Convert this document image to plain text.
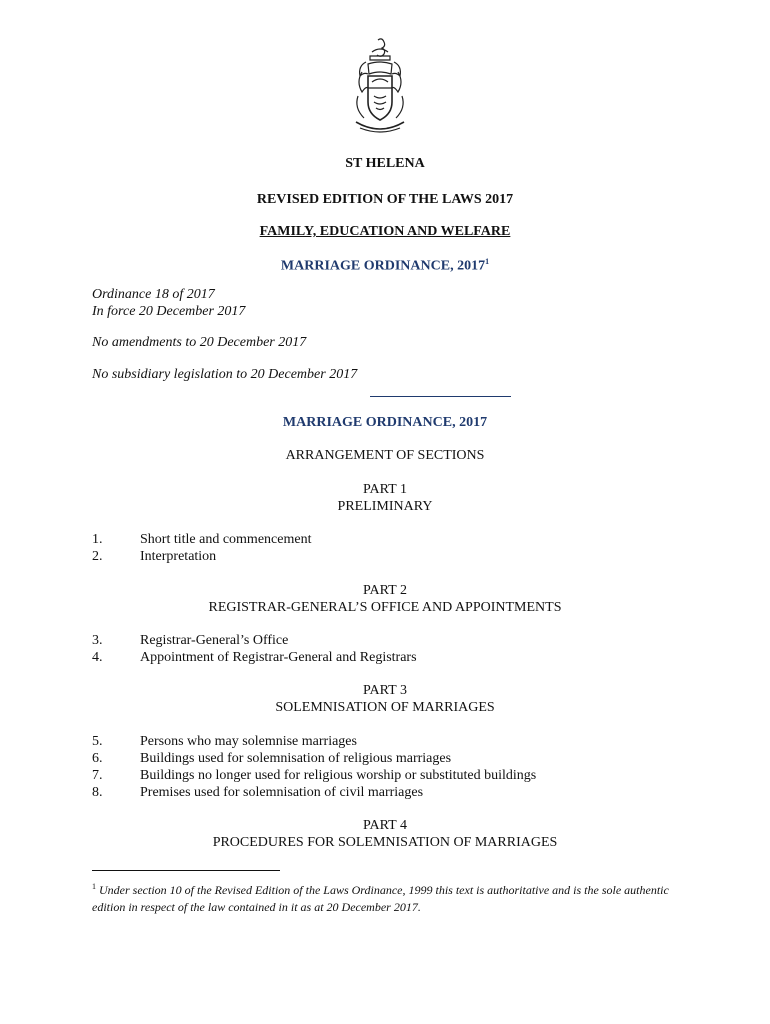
ST HELENA
REVISED EDITION OF THE LAWS 2017
FAMILY, EDUCATION AND WELFARE
MARRIAGE ORDINANCE, 2017$^1$
Ordinance 18 of 2017
In force 20 December 2017
No amendments to 20 December 2017
No subsidiary legislation to 20 December 2017
MARRIAGE ORDINANCE, 2017
ARRANGEMENT OF SECTIONS
PART 1
PRELIMINARY
1.	Short title and commencement
2.	Interpretation
PART 2
REGISTRAR-GENERAL’S OFFICE AND APPOINTMENTS
3.	Registrar-General’s Office
4.	Appointment of Registrar-General and Registrars
PART 3
SOLEMNISATION OF MARRIAGES
5.	Persons who may solemnise marriages
6.	Buildings used for solemnisation of religious marriages
7.	Buildings no longer used for religious worship or substituted buildings
8.	Premises used for solemnisation of civil marriages
PART 4
PROCEDURES FOR SOLEMNISATION OF MARRIAGES
$^1$ Under section 10 of the Revised Edition of the Laws Ordinance, 1999 this text is authoritative and is the sole authentic edition in respect of the law contained in it as at 20 December 2017.
